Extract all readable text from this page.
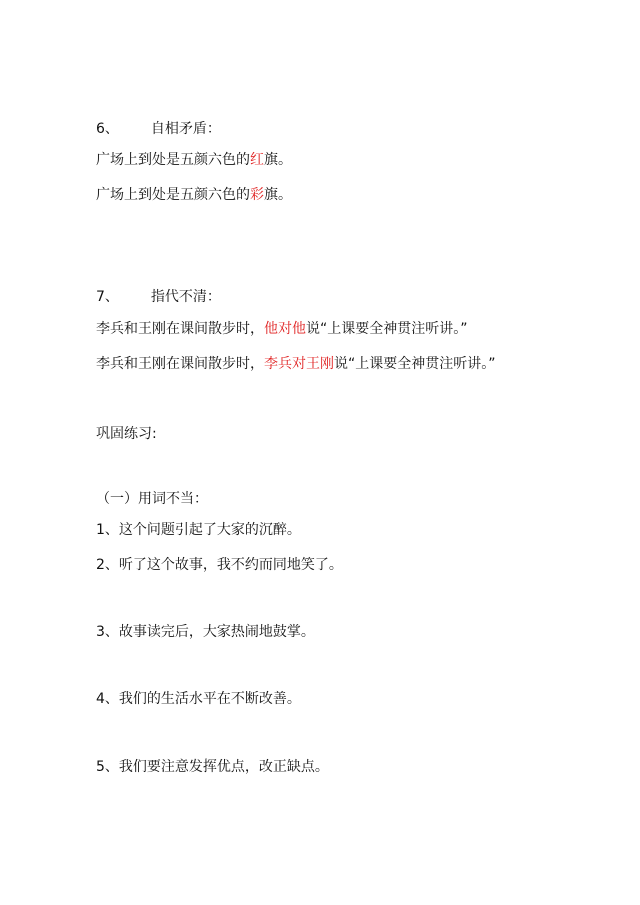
6、 自相矛盾：
广场上到处是五颜六色的红旗。
广场上到处是五颜六色的彩旗。
7、 指代不清：
李兵和王刚在课间散步时，他对他说“上课要全神贯注听讲。”
李兵和王刚在课间散步时，李兵对王刚说“上课要全神贯注听讲。”
巩固练习:
（一）用词不当：
1、这个问题引起了大家的沉醉。
2、听了这个故事，我不约而同地笑了。
3、故事读完后，大家热闹地鼓掌。
4、我们的生活水平在不断改善。
5、我们要注意发挥优点，改正缺点。
